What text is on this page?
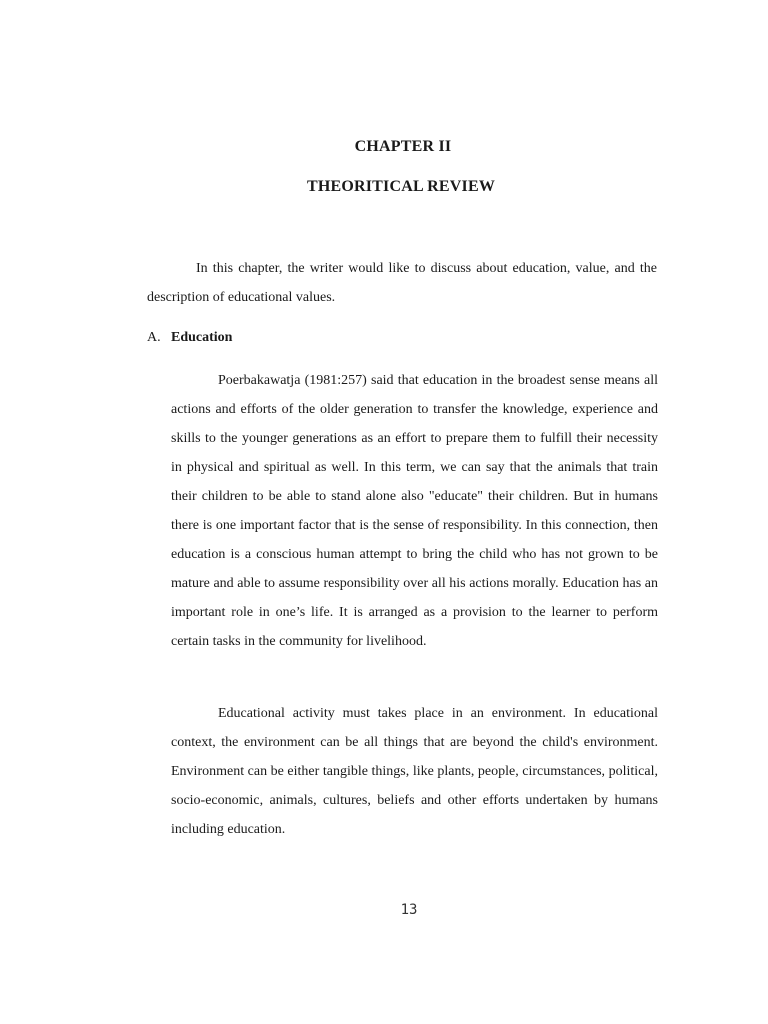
CHAPTER II
THEORITICAL REVIEW

In this chapter, the writer would like to discuss about education, value, and the description of educational values.

A. Education

Poerbakawatja (1981:257) said that education in the broadest sense means all actions and efforts of the older generation to transfer the knowledge, experience and skills to the younger generations as an effort to prepare them to fulfill their necessity in physical and spiritual as well. In this term, we can say that the animals that train their children to be able to stand alone also "educate" their children. But in humans there is one important factor that is the sense of responsibility. In this connection, then education is a conscious human attempt to bring the child who has not grown to be mature and able to assume responsibility over all his actions morally. Education has an important role in one’s life. It is arranged as a provision to the learner to perform certain tasks in the community for livelihood.

Educational activity must takes place in an environment. In educational context, the environment can be all things that are beyond the child's environment. Environment can be either tangible things, like plants, people, circumstances, political, socio-economic, animals, cultures, beliefs and other efforts undertaken by humans including education.

13
